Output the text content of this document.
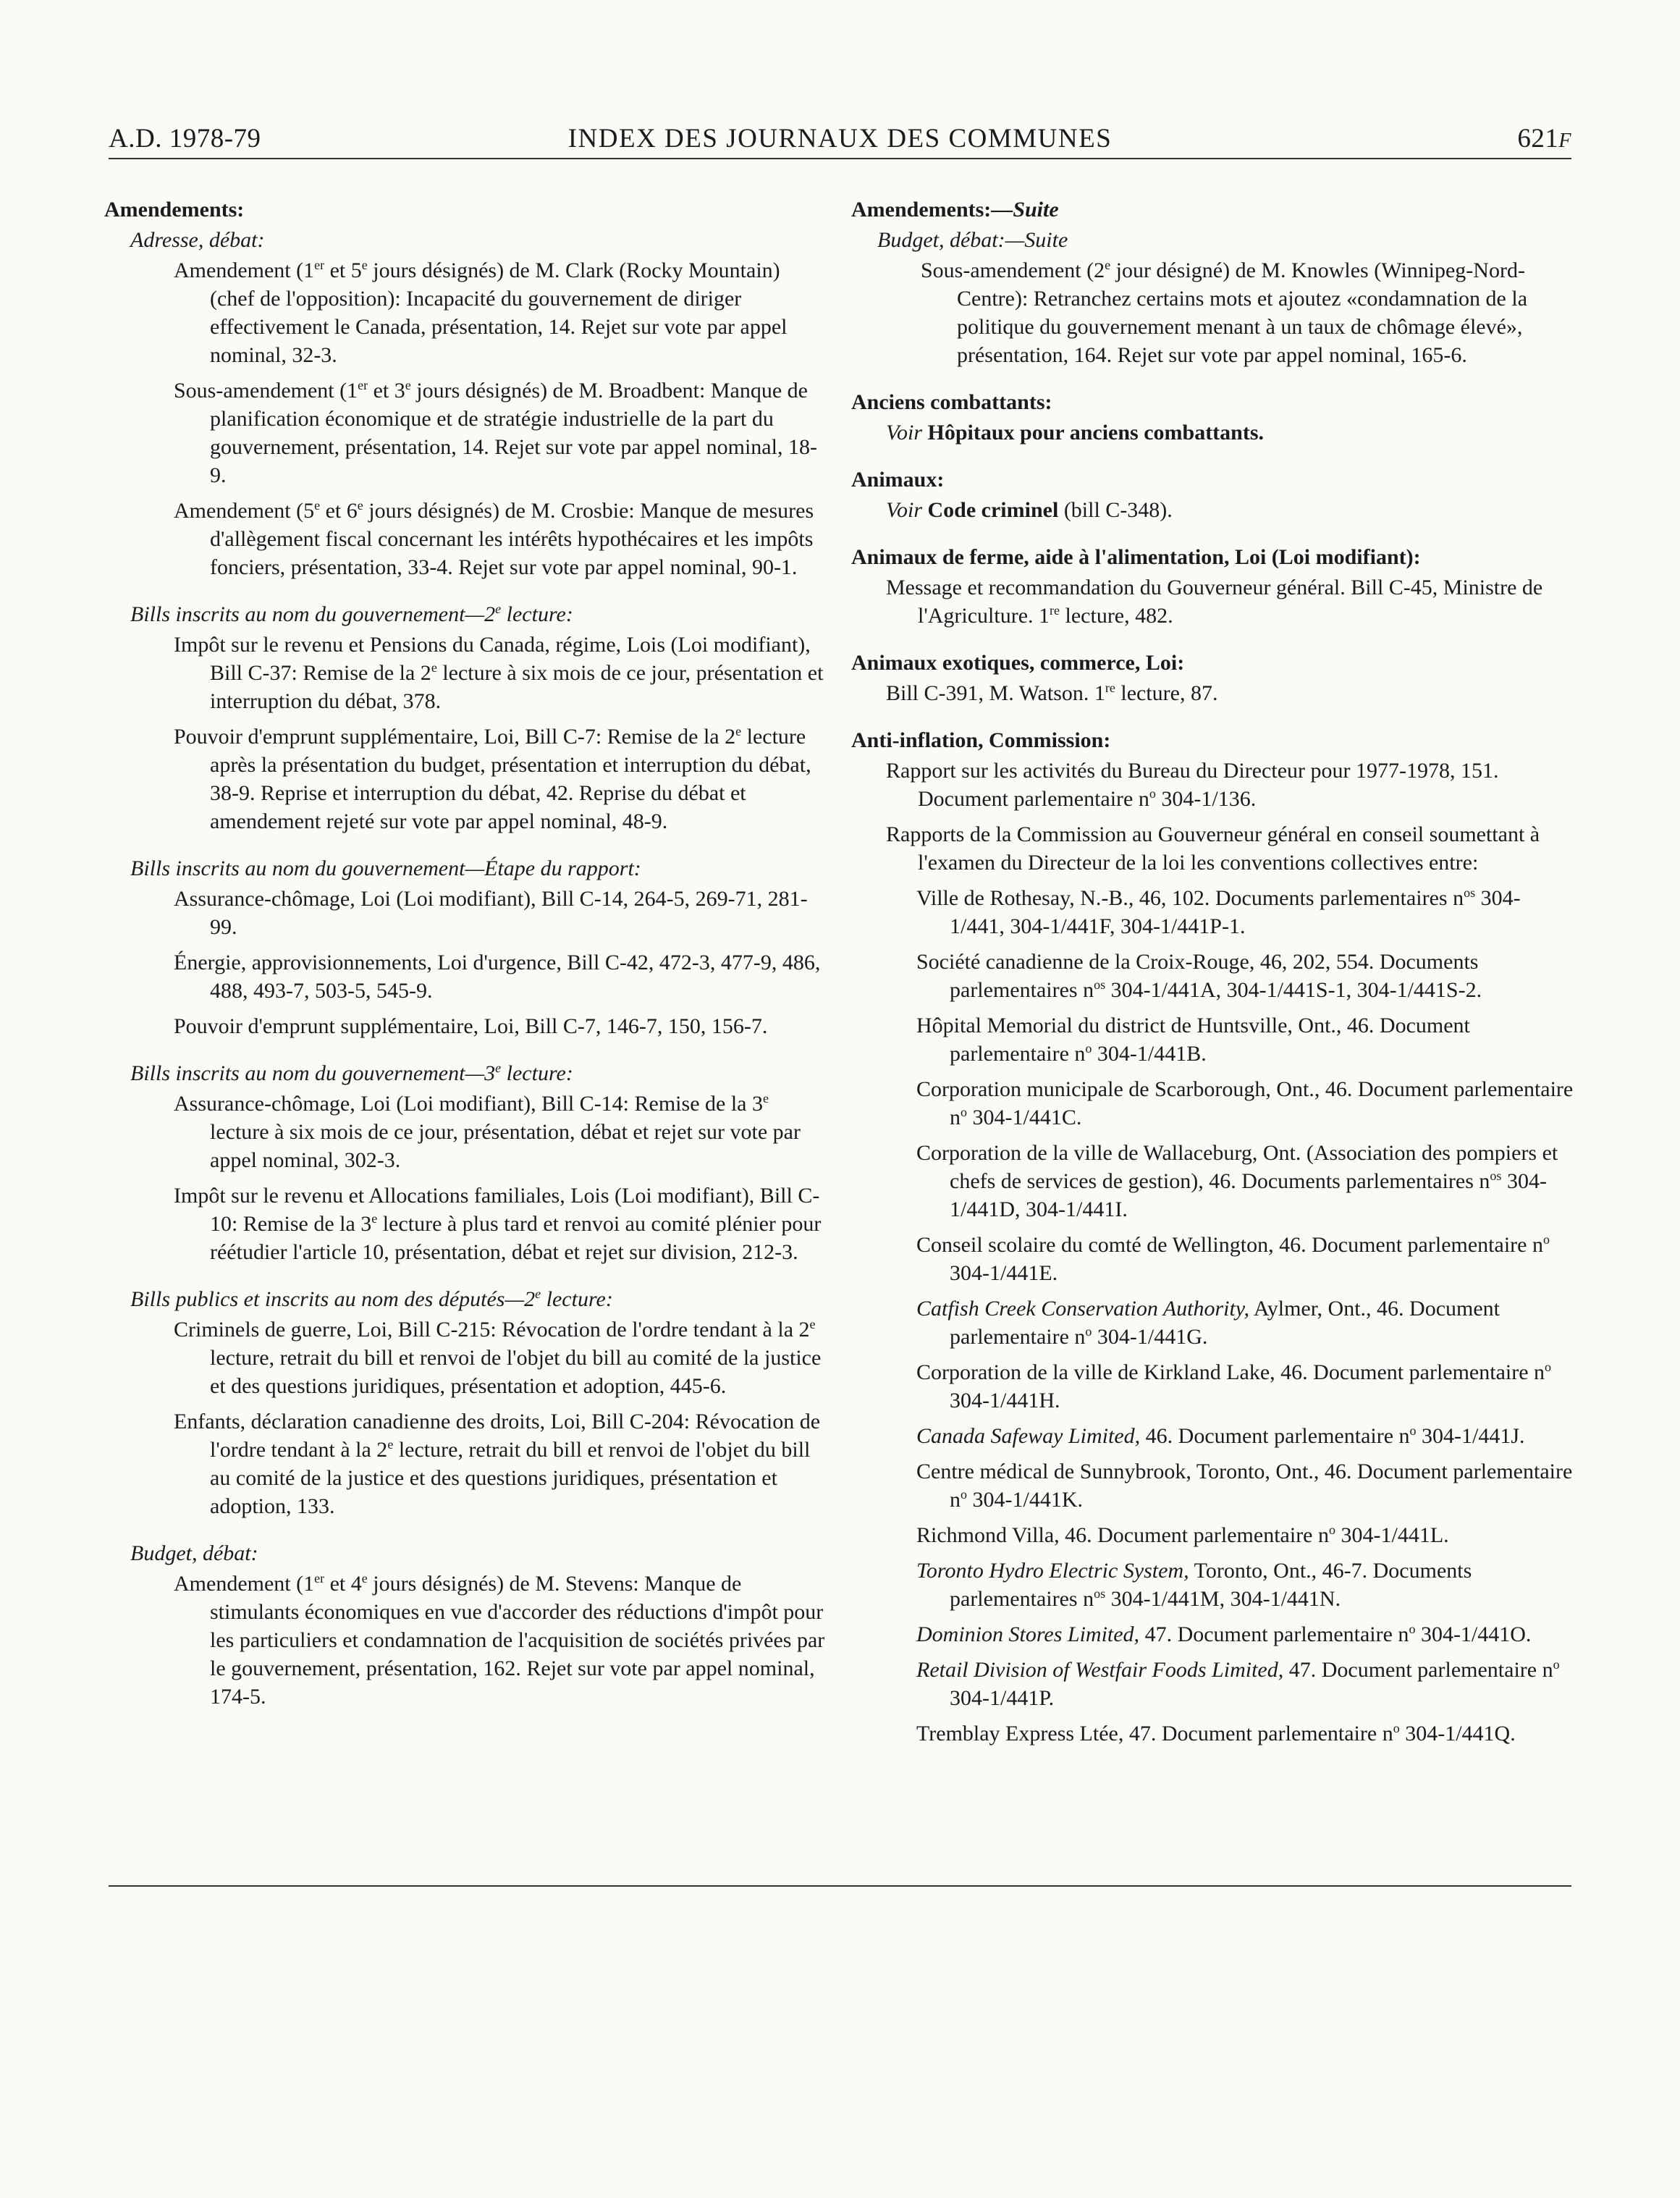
A.D. 1978-79	INDEX DES JOURNAUX DES COMMUNES	621F
Amendements:
Adresse, débat:
Amendement (1er et 5e jours désignés) de M. Clark (Rocky Mountain) (chef de l'opposition): Incapacité du gouvernement de diriger effectivement le Canada, présentation, 14. Rejet sur vote par appel nominal, 32-3.
Sous-amendement (1er et 3e jours désignés) de M. Broadbent: Manque de planification économique et de stratégie industrielle de la part du gouvernement, présentation, 14. Rejet sur vote par appel nominal, 18-9.
Amendement (5e et 6e jours désignés) de M. Crosbie: Manque de mesures d'allègement fiscal concernant les intérêts hypothécaires et les impôts fonciers, présentation, 33-4. Rejet sur vote par appel nominal, 90-1.
Bills inscrits au nom du gouvernement—2e lecture:
Impôt sur le revenu et Pensions du Canada, régime, Lois (Loi modifiant), Bill C-37: Remise de la 2e lecture à six mois de ce jour, présentation et interruption du débat, 378.
Pouvoir d'emprunt supplémentaire, Loi, Bill C-7: Remise de la 2e lecture après la présentation du budget, présentation et interruption du débat, 38-9. Reprise et interruption du débat, 42. Reprise du débat et amendement rejeté sur vote par appel nominal, 48-9.
Bills inscrits au nom du gouvernement—Étape du rapport:
Assurance-chômage, Loi (Loi modifiant), Bill C-14, 264-5, 269-71, 281-99.
Énergie, approvisionnements, Loi d'urgence, Bill C-42, 472-3, 477-9, 486, 488, 493-7, 503-5, 545-9.
Pouvoir d'emprunt supplémentaire, Loi, Bill C-7, 146-7, 150, 156-7.
Bills inscrits au nom du gouvernement—3e lecture:
Assurance-chômage, Loi (Loi modifiant), Bill C-14: Remise de la 3e lecture à six mois de ce jour, présentation, débat et rejet sur vote par appel nominal, 302-3.
Impôt sur le revenu et Allocations familiales, Lois (Loi modifiant), Bill C-10: Remise de la 3e lecture à plus tard et renvoi au comité plénier pour réétudier l'article 10, présentation, débat et rejet sur division, 212-3.
Bills publics et inscrits au nom des députés—2e lecture:
Criminels de guerre, Loi, Bill C-215: Révocation de l'ordre tendant à la 2e lecture, retrait du bill et renvoi de l'objet du bill au comité de la justice et des questions juridiques, présentation et adoption, 445-6.
Enfants, déclaration canadienne des droits, Loi, Bill C-204: Révocation de l'ordre tendant à la 2e lecture, retrait du bill et renvoi de l'objet du bill au comité de la justice et des questions juridiques, présentation et adoption, 133.
Budget, débat:
Amendement (1er et 4e jours désignés) de M. Stevens: Manque de stimulants économiques en vue d'accorder des réductions d'impôt pour les particuliers et condamnation de l'acquisition de sociétés privées par le gouvernement, présentation, 162. Rejet sur vote par appel nominal, 174-5.
Amendements:—Suite
Budget, débat:—Suite
Sous-amendement (2e jour désigné) de M. Knowles (Winnipeg-Nord-Centre): Retranchez certains mots et ajoutez «condamnation de la politique du gouvernement menant à un taux de chômage élevé», présentation, 164. Rejet sur vote par appel nominal, 165-6.
Anciens combattants:
Voir Hôpitaux pour anciens combattants.
Animaux:
Voir Code criminel (bill C-348).
Animaux de ferme, aide à l'alimentation, Loi (Loi modifiant):
Message et recommandation du Gouverneur général. Bill C-45, Ministre de l'Agriculture. 1re lecture, 482.
Animaux exotiques, commerce, Loi:
Bill C-391, M. Watson. 1re lecture, 87.
Anti-inflation, Commission:
Rapport sur les activités du Bureau du Directeur pour 1977-1978, 151. Document parlementaire $n^o$ 304-1/136.
Rapports de la Commission au Gouverneur général en conseil soumettant à l'examen du Directeur de la loi les conventions collectives entre:
Ville de Rothesay, N.-B., 46, 102. Documents parlementaires $n^{os}$ 304-1/441, 304-1/441F, 304-1/441P-1.
Société canadienne de la Croix-Rouge, 46, 202, 554. Documents parlementaires $n^{os}$ 304-1/441A, 304-1/441S-1, 304-1/441S-2.
Hôpital Memorial du district de Huntsville, Ont., 46. Document parlementaire $n^o$ 304-1/441B.
Corporation municipale de Scarborough, Ont., 46. Document parlementaire $n^o$ 304-1/441C.
Corporation de la ville de Wallaceburg, Ont. (Association des pompiers et chefs de services de gestion), 46. Documents parlementaires $n^{os}$ 304-1/441D, 304-1/441I.
Conseil scolaire du comté de Wellington, 46. Document parlementaire $n^o$ 304-1/441E.
Catfish Creek Conservation Authority, Aylmer, Ont., 46. Document parlementaire $n^o$ 304-1/441G.
Corporation de la ville de Kirkland Lake, 46. Document parlementaire $n^o$ 304-1/441H.
Canada Safeway Limited, 46. Document parlementaire $n^o$ 304-1/441J.
Centre médical de Sunnybrook, Toronto, Ont., 46. Document parlementaire $n^o$ 304-1/441K.
Richmond Villa, 46. Document parlementaire $n^o$ 304-1/441L.
Toronto Hydro Electric System, Toronto, Ont., 46-7. Documents parlementaires $n^{os}$ 304-1/441M, 304-1/441N.
Dominion Stores Limited, 47. Document parlementaire $n^o$ 304-1/441O.
Retail Division of Westfair Foods Limited, 47. Document parlementaire $n^o$ 304-1/441P.
Tremblay Express Ltée, 47. Document parlementaire $n^o$ 304-1/441Q.
